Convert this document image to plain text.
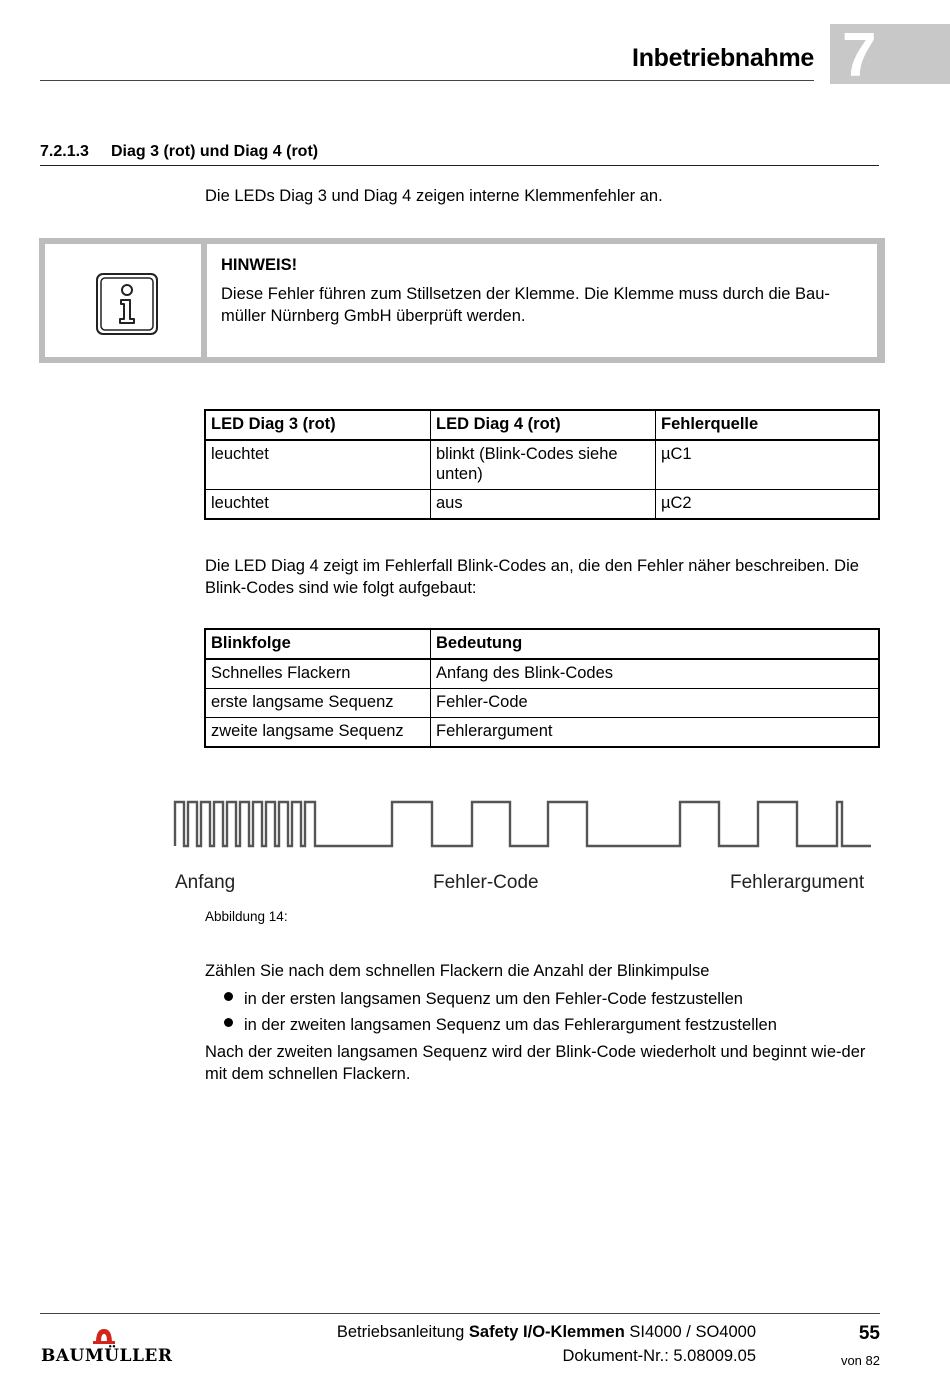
Inbetriebnahme 7
7.2.1.3 Diag 3 (rot) und Diag 4 (rot)
Die LEDs Diag 3 und Diag 4 zeigen interne Klemmenfehler an.
HINWEIS!
Diese Fehler führen zum Stillsetzen der Klemme. Die Klemme muss durch die Bau-müller Nürnberg GmbH überprüft werden.
LED Diag 3 (rot)	LED Diag 4 (rot)	Fehlerquelle
leuchtet	blinkt (Blink-Codes siehe unten)	µC1
leuchtet	aus	µC2
Die LED Diag 4 zeigt im Fehlerfall Blink-Codes an, die den Fehler näher beschreiben. Die Blink-Codes sind wie folgt aufgebaut:
Blinkfolge	Bedeutung
Schnelles Flackern	Anfang des Blink-Codes
erste langsame Sequenz	Fehler-Code
zweite langsame Sequenz	Fehlerargument
Anfang	Fehler-Code	Fehlerargument
Abbildung 14:
Zählen Sie nach dem schnellen Flackern die Anzahl der Blinkimpulse
in der ersten langsamen Sequenz um den Fehler-Code festzustellen
in der zweiten langsamen Sequenz um das Fehlerargument festzustellen
Nach der zweiten langsamen Sequenz wird der Blink-Code wiederholt und beginnt wie-der mit dem schnellen Flackern.
BAUMÜLLER
Betriebsanleitung Safety I/O-Klemmen SI4000 / SO4000
Dokument-Nr.: 5.08009.05
55
von 82
